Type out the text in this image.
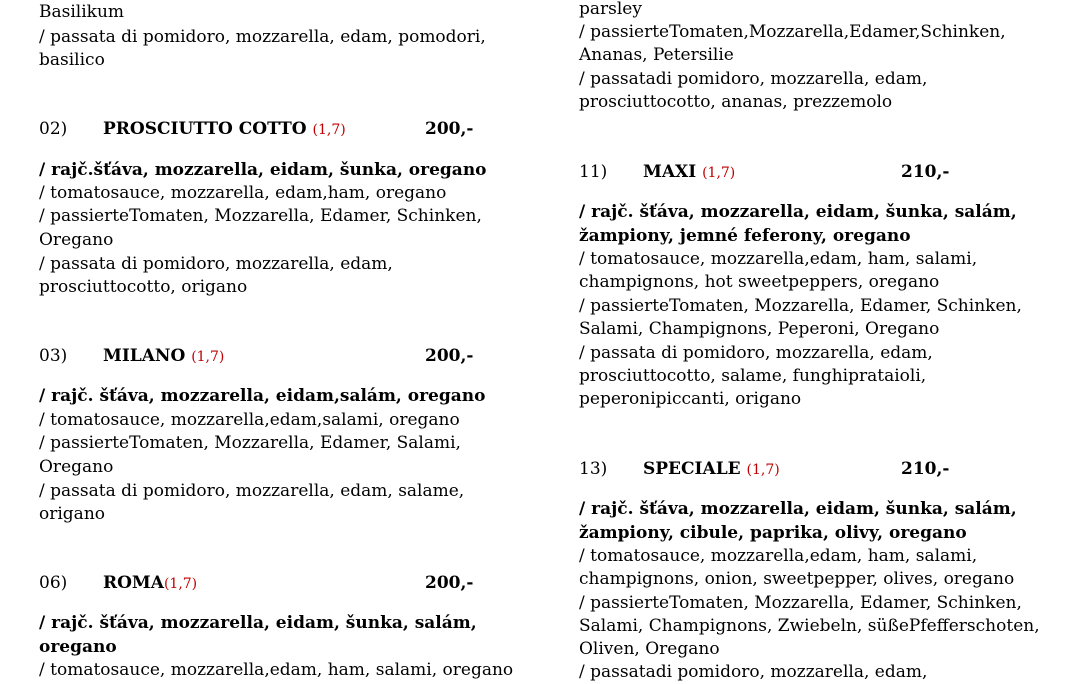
Basilikum
/ passata di pomidoro, mozzarella, edam, pomodori,
basilico
02) PROSCIUTTO COTTO (1,7)	200,-
/ rajč.šťáva, mozzarella, eidam, šunka, oregano
/ tomatosauce, mozzarella, edam,ham, oregano
/ passierteTomaten, Mozzarella, Edamer, Schinken,
Oregano
/ passata di pomidoro, mozzarella, edam,
prosciuttocotto, origano
03) MILANO (1,7)	200,-
/ rajč. šťáva, mozzarella, eidam,salám, oregano
/ tomatosauce, mozzarella,edam,salami, oregano
/ passierteTomaten, Mozzarella, Edamer, Salami,
Oregano
/ passata di pomidoro, mozzarella, edam, salame,
origano
06) ROMA(1,7)	200,-
/ rajč. šťáva, mozzarella, eidam, šunka, salám,
oregano
/ tomatosauce, mozzarella,edam, ham, salami, oregano
parsley
/ passierteTomaten,Mozzarella,Edamer,Schinken,
Ananas, Petersilie
/ passatadi pomidoro, mozzarella, edam,
prosciuttocotto, ananas, prezzemolo
11) MAXI (1,7)	210,-
/ rajč. šťáva, mozzarella, eidam, šunka, salám,
žampiony, jemné feferony, oregano
/ tomatosauce, mozzarella,edam, ham, salami,
champignons, hot sweetpeppers, oregano
/ passierteTomaten, Mozzarella, Edamer, Schinken,
Salami, Champignons, Peperoni, Oregano
/ passata di pomidoro, mozzarella, edam,
prosciuttocotto, salame, funghipratai​oli,
peperonipiccanti, origano
13) SPECIALE (1,7)	210,-
/ rajč. šťáva, mozzarella, eidam, šunka, salám,
žampiony, cibule, paprika, olivy, oregano
/ tomatosauce, mozzarella,edam, ham, salami,
champignons, onion, sweetpepper, olives, oregano
/ passierteTomaten, Mozzarella, Edamer, Schinken,
Salami, Champignons, Zwiebeln, süßePfefferschoten,
Oliven, Oregano
/ passatadi pomidoro, mozzarella, edam,
